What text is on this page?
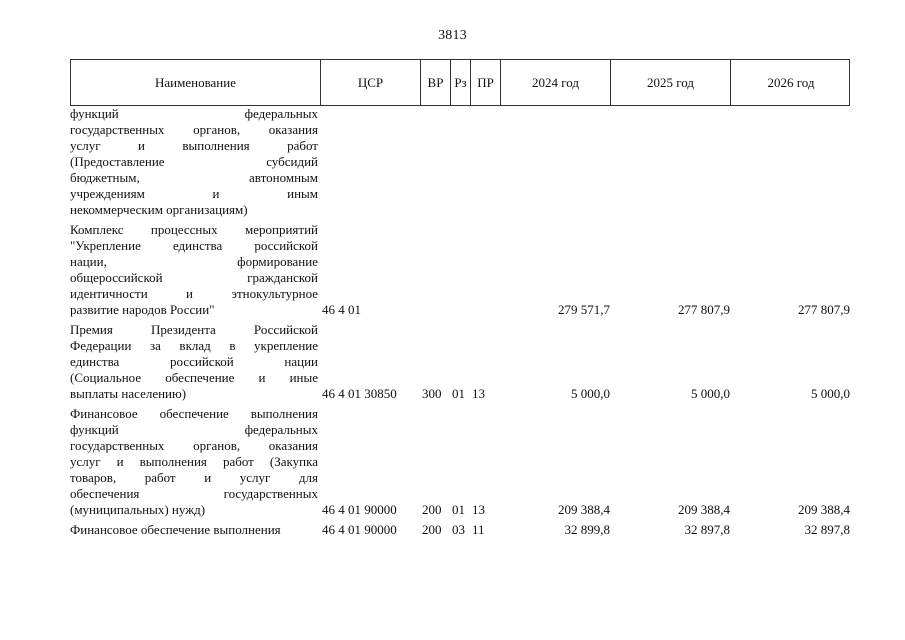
3813
Наименование	ЦСР	ВР Рз ПР	2024 год	2025 год	2026 год
функций федеральных
государственных органов, оказания
услуг и выполнения работ
(Предоставление субсидий
бюджетным, автономным
учреждениям и иным
некоммерческим организациям)
Комплекс процессных мероприятий
"Укрепление единства российской
нации, формирование
общероссийской гражданской
идентичности и этнокультурное
развитие народов России"	46 4 01	279 571,7	277 807,9	277 807,9
Премия Президента Российской
Федерации за вклад в укрепление
единства российской нации
(Социальное обеспечение и иные
выплаты населению)	46 4 01 30850	300 01 13	5 000,0	5 000,0	5 000,0
Финансовое обеспечение выполнения
функций федеральных
государственных органов, оказания
услуг и выполнения работ (Закупка
товаров, работ и услуг для
обеспечения государственных
(муниципальных) нужд)	46 4 01 90000	200 01 13	209 388,4	209 388,4	209 388,4
Финансовое обеспечение выполнения	46 4 01 90000	200 03 11	32 899,8	32 897,8	32 897,8
